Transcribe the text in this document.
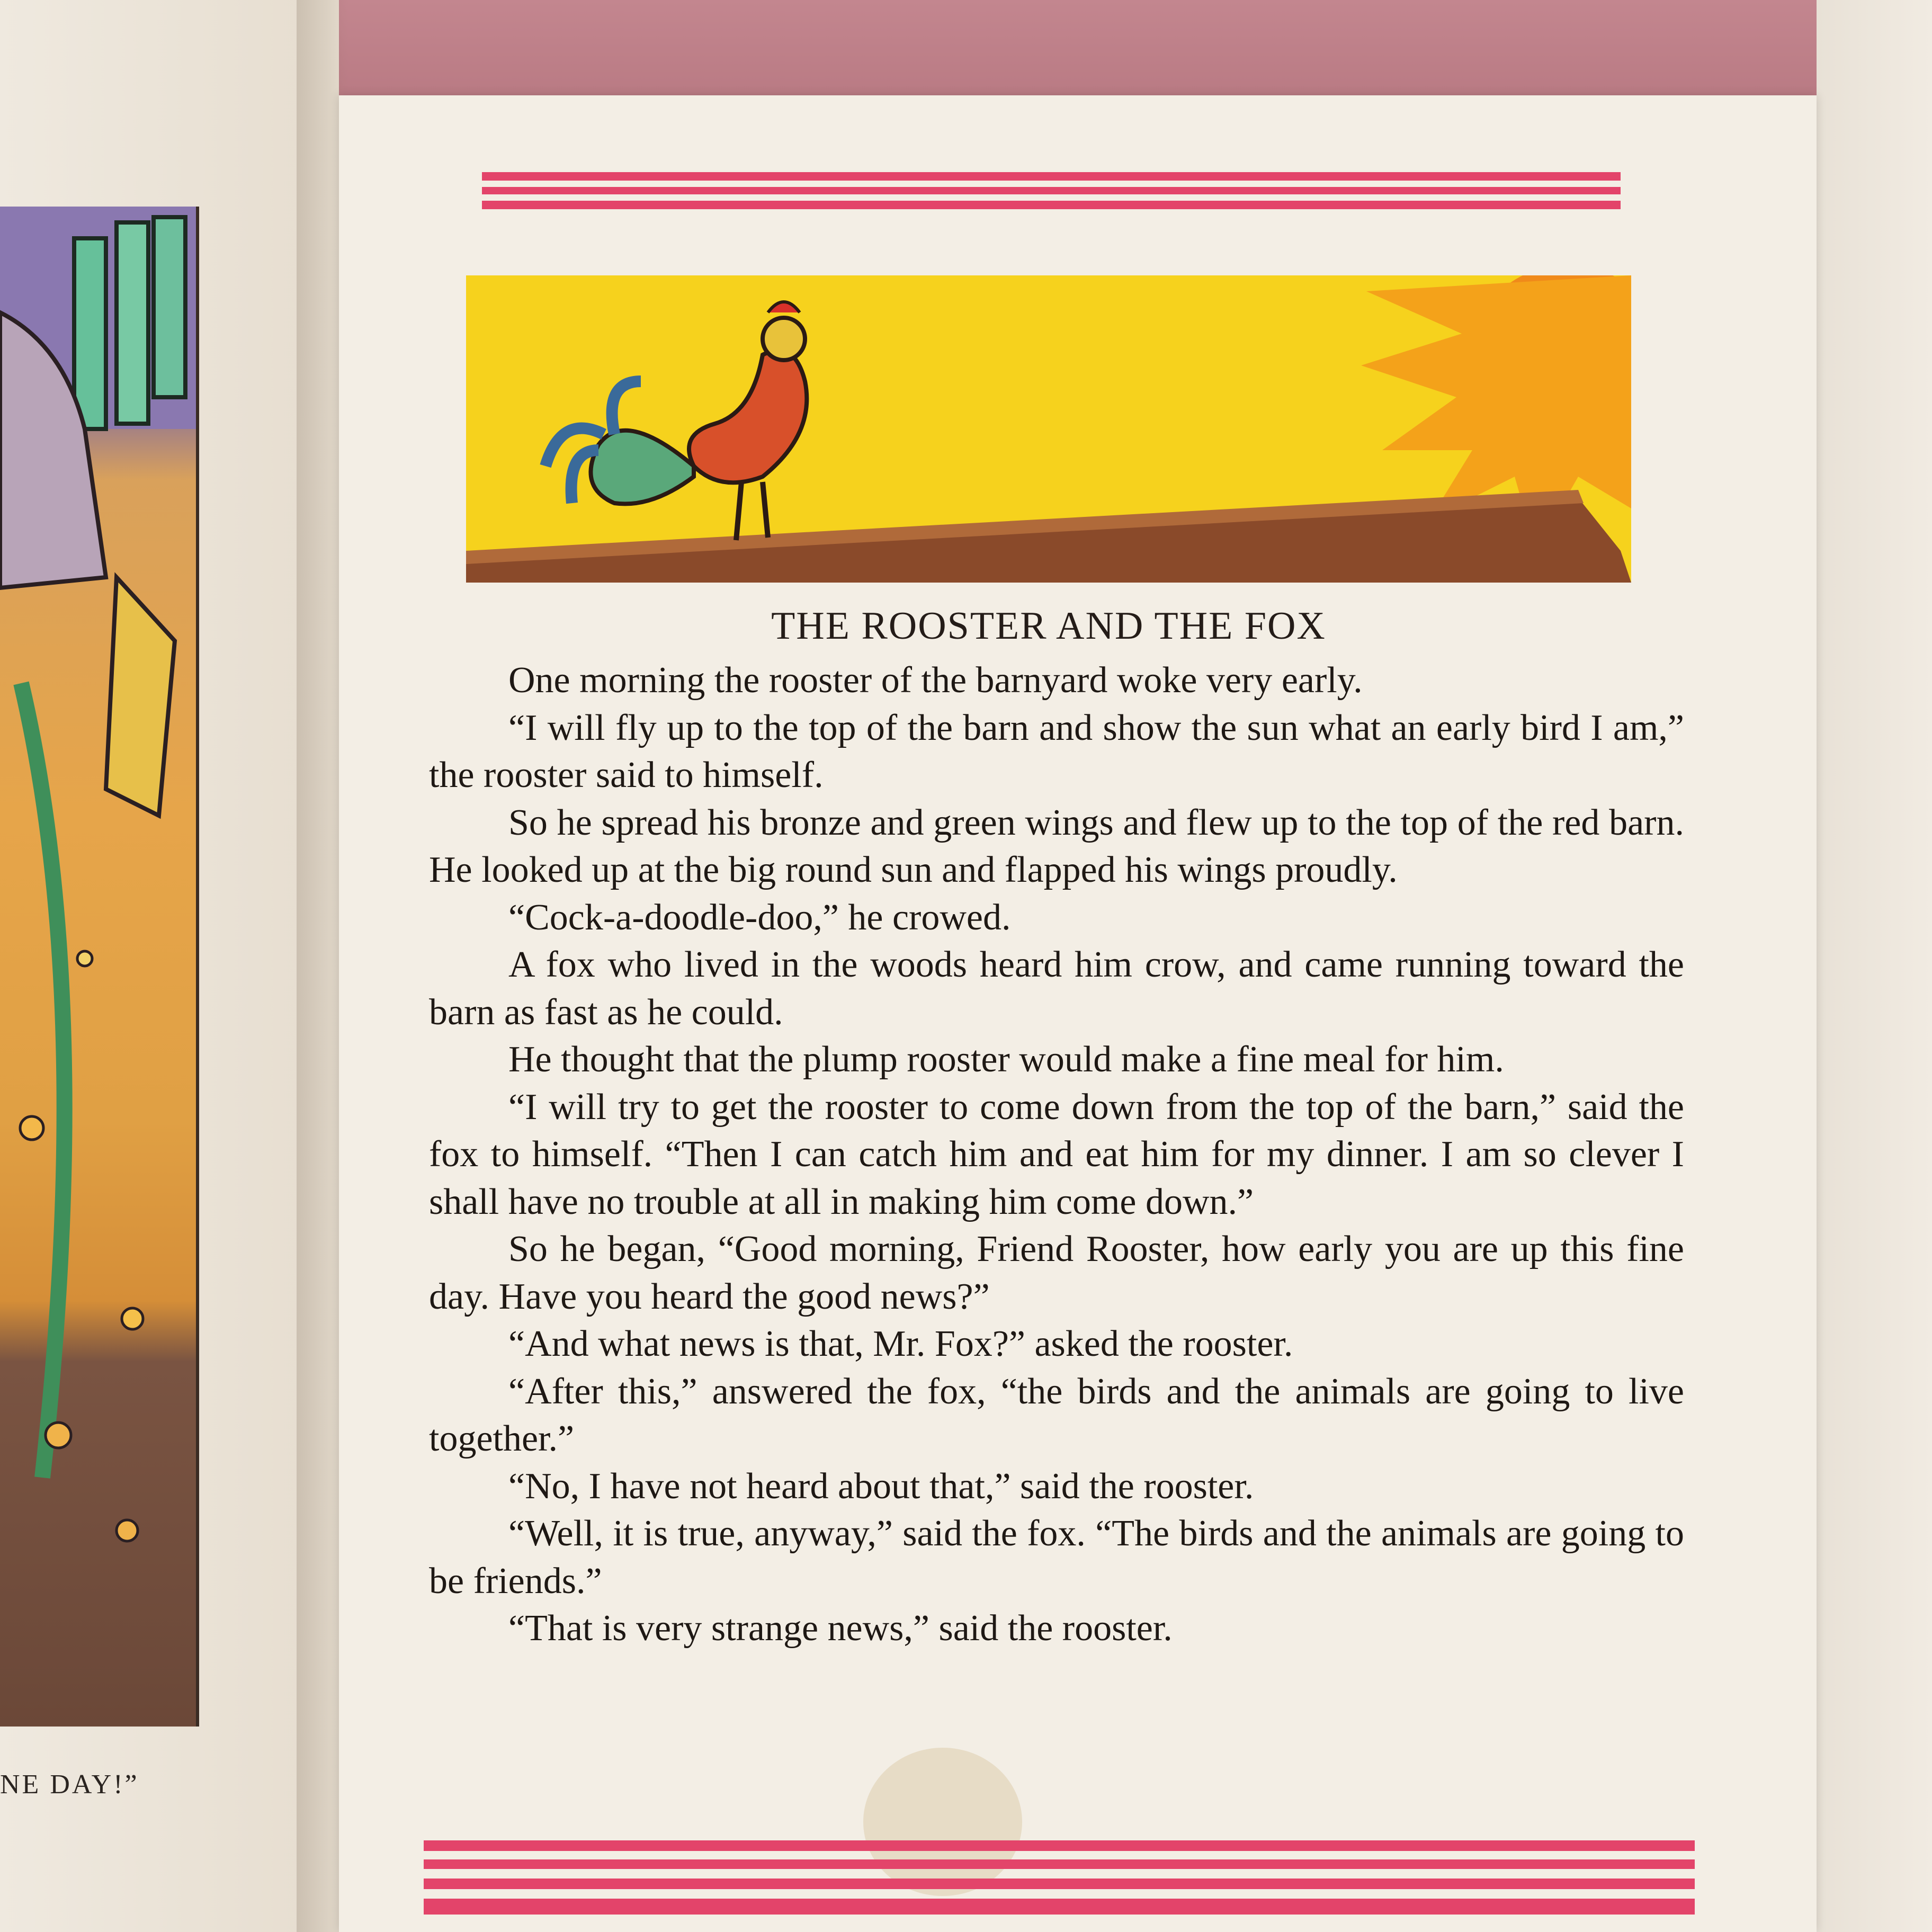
NE DAY!”
THE ROOSTER AND THE FOX

One morning the rooster of the barnyard woke very early.

“I will fly up to the top of the barn and show the sun what an early bird I am,” the rooster said to himself.

So he spread his bronze and green wings and flew up to the top of the red barn. He looked up at the big round sun and flapped his wings proudly.

“Cock-a-doodle-doo,” he crowed.

A fox who lived in the woods heard him crow, and came running toward the barn as fast as he could.

He thought that the plump rooster would make a fine meal for him.

“I will try to get the rooster to come down from the top of the barn,” said the fox to himself. “Then I can catch him and eat him for my dinner. I am so clever I shall have no trouble at all in making him come down.”

So he began, “Good morning, Friend Rooster, how early you are up this fine day. Have you heard the good news?”

“And what news is that, Mr. Fox?” asked the rooster.

“After this,” answered the fox, “the birds and the animals are going to live together.”

“No, I have not heard about that,” said the rooster.

“Well, it is true, anyway,” said the fox. “The birds and the animals are going to be friends.”

“That is very strange news,” said the rooster.
